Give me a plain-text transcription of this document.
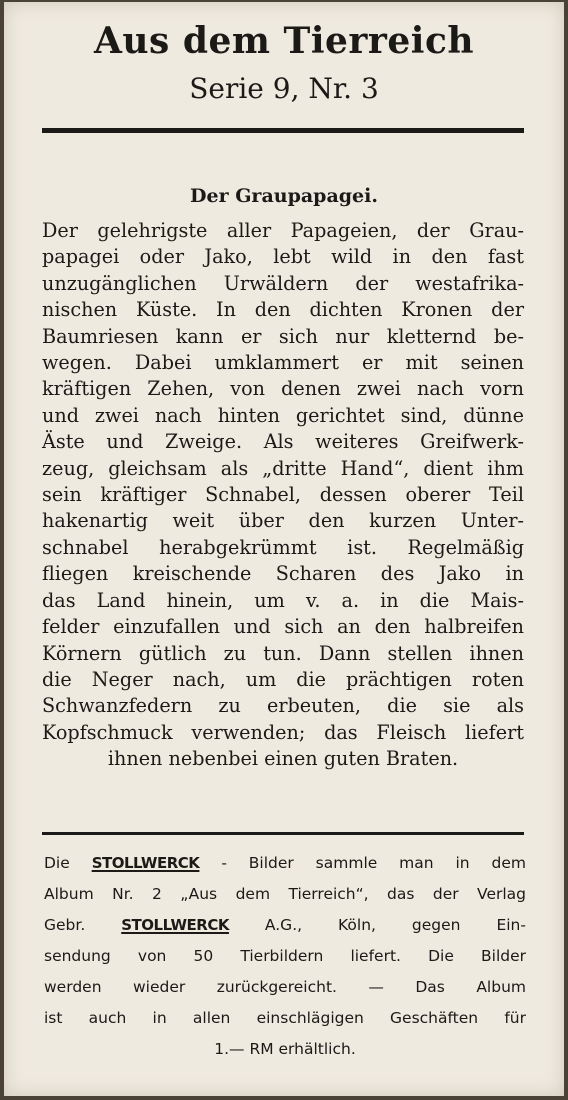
Aus dem Tierreich
Serie 9, Nr. 3
Der Graupapagei.
Der gelehrigste aller Papageien, der Grau-
papagei oder Jako, lebt wild in den fast
unzugänglichen Urwäldern der westafrika-
nischen Küste. In den dichten Kronen der
Baumriesen kann er sich nur kletternd be-
wegen. Dabei umklammert er mit seinen
kräftigen Zehen, von denen zwei nach vorn
und zwei nach hinten gerichtet sind, dünne
Äste und Zweige. Als weiteres Greifwerk-
zeug, gleichsam als „dritte Hand“, dient ihm
sein kräftiger Schnabel, dessen oberer Teil
hakenartig weit über den kurzen Unter-
schnabel herabgekrümmt ist. Regelmäßig
fliegen kreischende Scharen des Jako in
das Land hinein, um v. a. in die Mais-
felder einzufallen und sich an den halbreifen
Körnern gütlich zu tun. Dann stellen ihnen
die Neger nach, um die prächtigen roten
Schwanzfedern zu erbeuten, die sie als
Kopfschmuck verwenden; das Fleisch liefert
ihnen nebenbei einen guten Braten.
Die STOLLWERCK - Bilder sammle man in dem
Album Nr. 2 „Aus dem Tierreich“, das der Verlag
Gebr. STOLLWERCK A.G., Köln, gegen Ein-
sendung von 50 Tierbildern liefert. Die Bilder
werden wieder zurückgereicht. — Das Album
ist auch in allen einschlägigen Geschäften für
1.— RM erhältlich.
